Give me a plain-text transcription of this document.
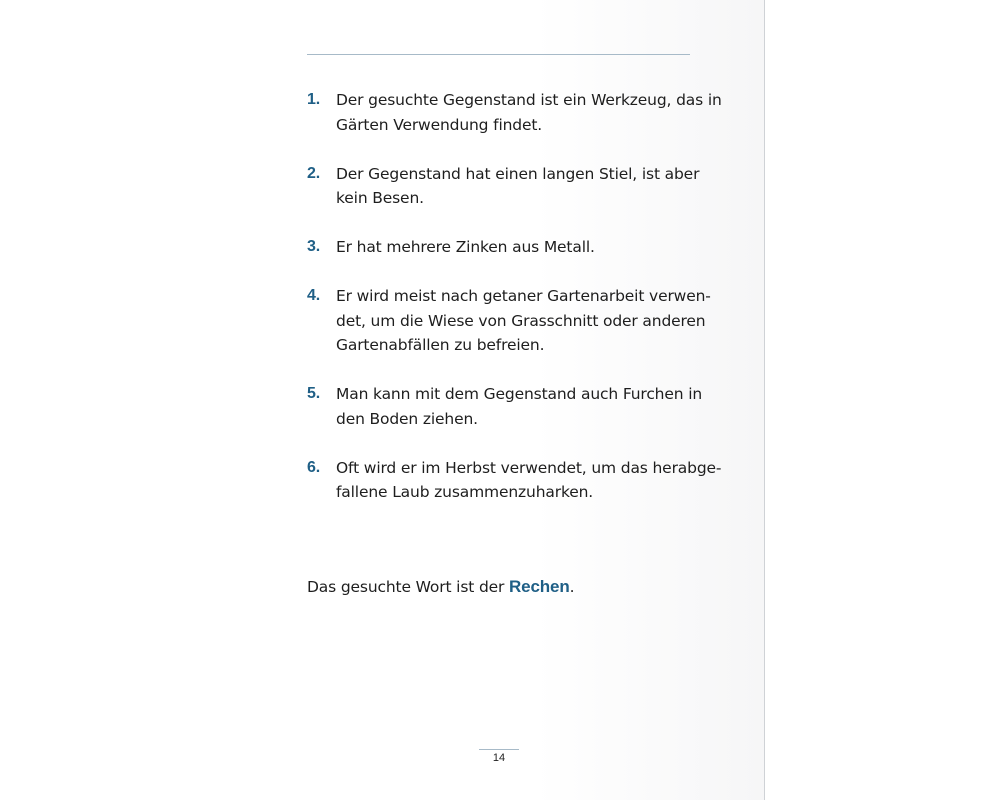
1. Der gesuchte Gegenstand ist ein Werkzeug, das in
Gärten Verwendung findet.
2. Der Gegenstand hat einen langen Stiel, ist aber
kein Besen.
3. Er hat mehrere Zinken aus Metall.
4. Er wird meist nach getaner Gartenarbeit verwen-
det, um die Wiese von Grasschnitt oder anderen
Gartenabfällen zu befreien.
5. Man kann mit dem Gegenstand auch Furchen in
den Boden ziehen.
6. Oft wird er im Herbst verwendet, um das herabge-
fallene Laub zusammenzuharken.

Das gesuchte Wort ist der Rechen.

14
